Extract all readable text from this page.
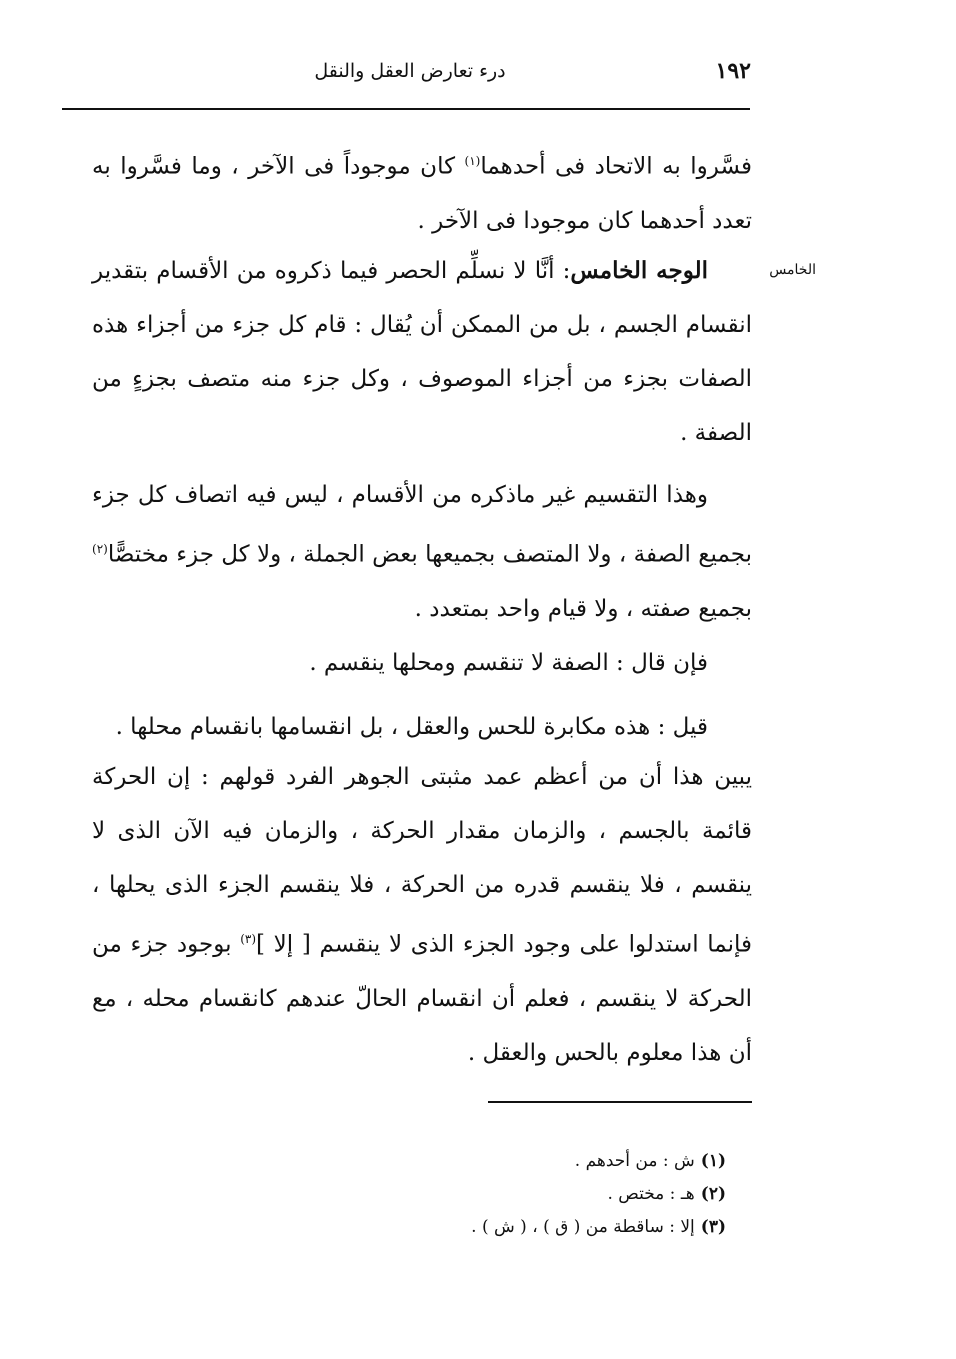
١٩٢
درء تعارض العقل والنقل
الخامس
فسَّروا به الاتحاد فى أحدهما$^{(١)}$ كان موجوداً فى الآخر ، وما فسَّروا به تعدد أحدهما كان موجودا فى الآخر .
الوجه الخامس: أنَّا لا نسلِّم الحصر فيما ذكروه من الأقسام بتقدير انقسام الجسم ، بل من الممكن أن يُقال : قام كل جزء من أجزاء هذه الصفات بجزء من أجزاء الموصوف ، وكل جزء منه متصف بجزءٍ من الصفة .
وهذا التقسيم غير ماذكره من الأقسام ، ليس فيه اتصاف كل جزء بجميع الصفة ، ولا المتصف بجميعها بعض الجملة ، ولا كل جزء مختصًّا$^{(٢)}$ بجميع صفته ، ولا قيام واحد بمتعدد .
فإن قال : الصفة لا تنقسم ومحلها ينقسم .
قيل : هذه مكابرة للحس والعقل ، بل انقسامها بانقسام محلها .
يبين هذا أن من أعظم عمد مثبتى الجوهر الفرد قولهم : إن الحركة قائمة بالجسم ، والزمان مقدار الحركة ، والزمان فيه الآن الذى لا ينقسم ، فلا ينقسم قدره من الحركة ، فلا ينقسم الجزء الذى يحلها ، فإنما استدلوا على وجود الجزء الذى لا ينقسم [ إلا ]$^{(٣)}$ بوجود جزء من الحركة لا ينقسم ، فعلم أن انقسام الحالّ عندهم كانقسام محله ، مع أن هذا معلوم بالحس والعقل .
(١)ش : من أحدهم .
(٢)هـ : مختص .
(٣)إلا : ساقطة من ( ق ) ، ( ش ) .
